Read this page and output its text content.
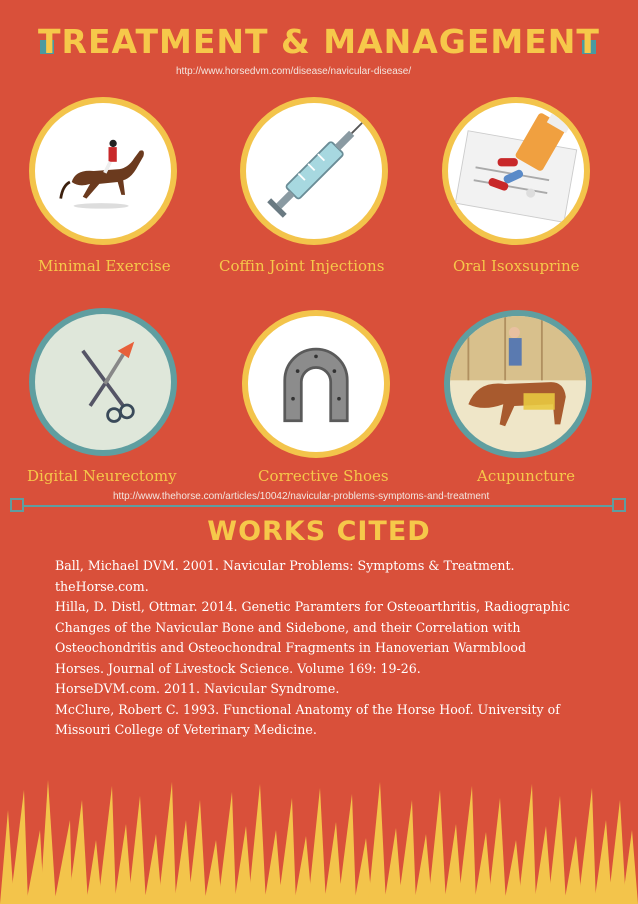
TREATMENT & MANAGEMENT
http://www.horsedvm.com/disease/navicular-disease/
Minimal Exercise	Coffin Joint Injections	Oral Isoxsuprine
Digital Neurectomy	Corrective Shoes	Acupuncture
http://www.thehorse.com/articles/10042/navicular-problems-symptoms-and-treatment
WORKS CITED

Ball, Michael DVM. 2001. Navicular Problems: Symptoms & Treatment.

theHorse.com.

Hilla, D. Distl, Ottmar. 2014. Genetic Paramters for Osteoarthritis, Radiographic

Changes of the Navicular Bone and Sidebone, and their Correlation with

Osteochondritis and Osteochondral Fragments in Hanoverian Warmblood

Horses. Journal of Livestock Science. Volume 169: 19-26.

HorseDVM.com. 2011. Navicular Syndrome.

McClure, Robert C. 1993. Functional Anatomy of the Horse Hoof. University of

Missouri College of Veterinary Medicine.
